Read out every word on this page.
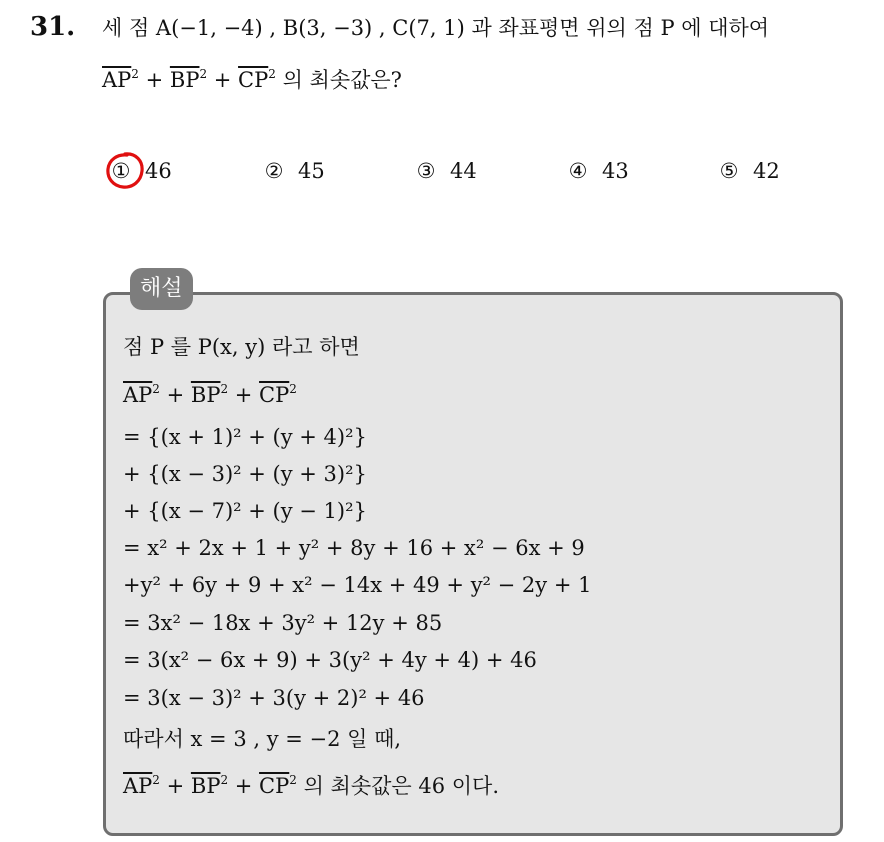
31. 세 점 A(−1, −4) , B(3, −3) , C(7, 1) 과 좌표평면 위의 점 P 에 대하여
$\overline{AP}^2 + \overline{BP}^2 + \overline{CP}^2$ 의 최솟값은?
① 46	② 45	③ 44	④ 43	⑤ 42
해설
점 P 를 P(x, y) 라고 하면
$\overline{AP}^2 + \overline{BP}^2 + \overline{CP}^2$
= {(x + 1)² + (y + 4)²}
+ {(x − 3)² + (y + 3)²}
+ {(x − 7)² + (y − 1)²}
= x² + 2x + 1 + y² + 8y + 16 + x² − 6x + 9
+y² + 6y + 9 + x² − 14x + 49 + y² − 2y + 1
= 3x² − 18x + 3y² + 12y + 85
= 3(x² − 6x + 9) + 3(y² + 4y + 4) + 46
= 3(x − 3)² + 3(y + 2)² + 46
따라서 x = 3 , y = −2 일 때,
$\overline{AP}^2 + \overline{BP}^2 + \overline{CP}^2$ 의 최솟값은 46 이다.
